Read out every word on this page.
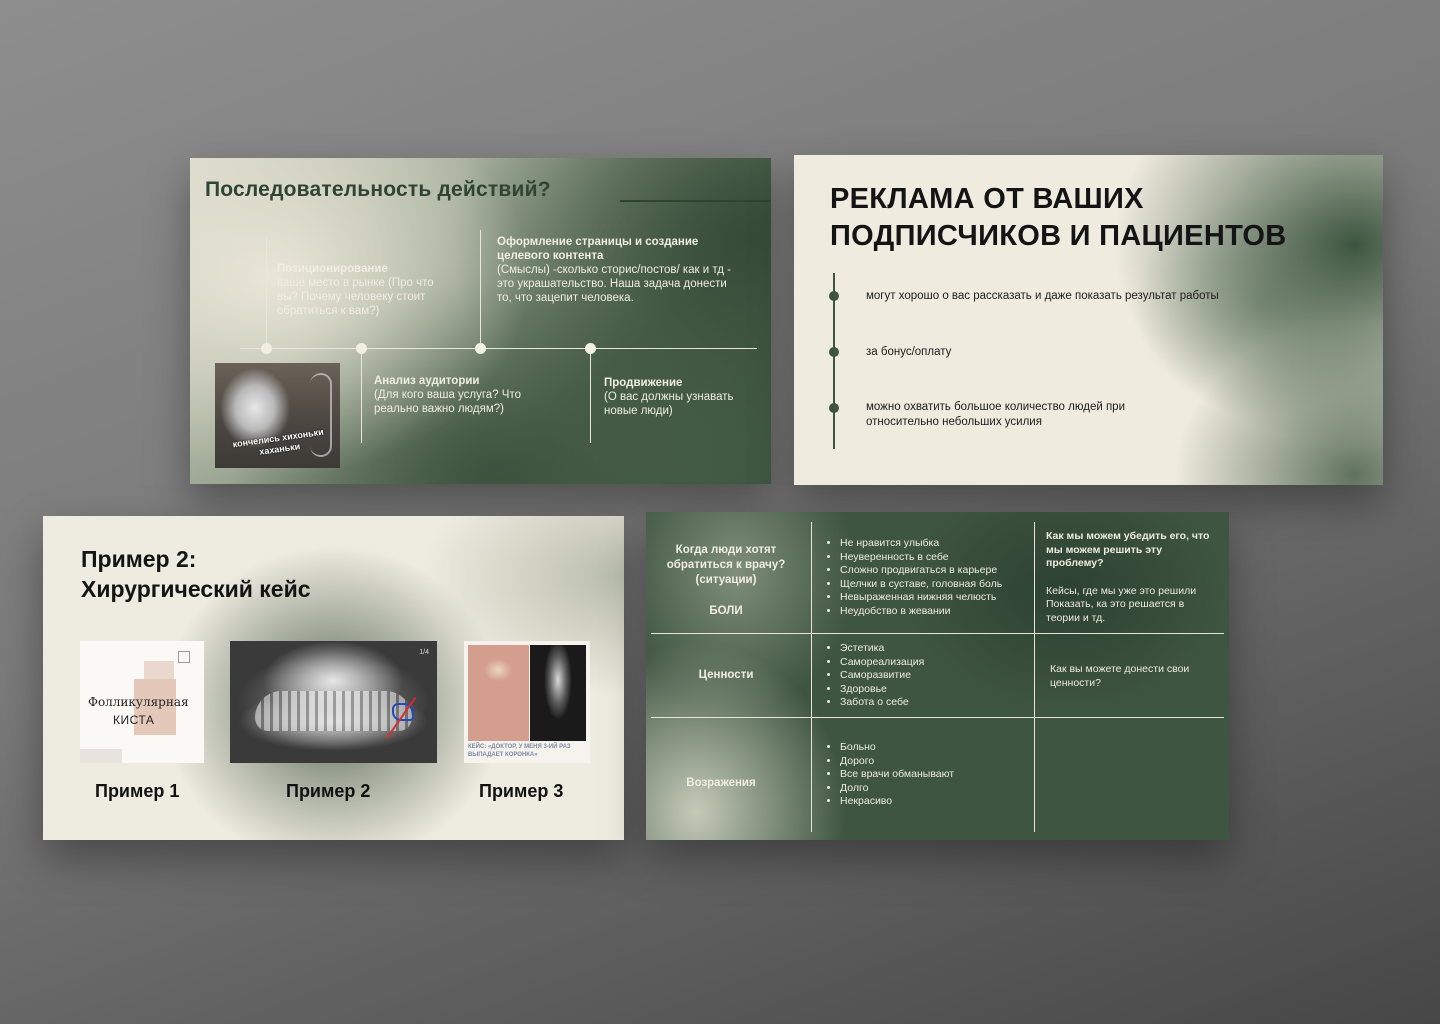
Последовательность действий?
Позиционирование
ваше место в рынке (Про что вы? Почему человеку стоит обратиться к вам?)
Анализ аудитории
(Для кого ваша услуга? Что реально важно людям?)
Оформление страницы и создание целевого контента
(Смыслы) -сколько сторис/постов/ как и тд - это украшательство. Наша задача донести то, что зацепит человека.
Продвижение
(О вас должны узнавать новые люди)
кончелись хихоньки хаханьки
РЕКЛАМА ОТ ВАШИХ
ПОДПИСЧИКОВ И ПАЦИЕНТОВ
могут хорошо о вас рассказать и даже показать результат работы
за бонус/оплату
можно охватить большое количество людей при относительно небольших усилия
Пример 2:
Хирургический кейс
Фолликулярная
КИСТА
1/4
КЕЙС: «ДОКТОР, У МЕНЯ 3-ИЙ РАЗ ВЫПАДАЕТ КОРОНКА»
Пример 1	Пример 2	Пример 3
Когда люди хотят обратиться к врачу? (ситуации)
БОЛИ
• Не нравится улыбка
• Неуверенность в себе
• Сложно продвигаться в карьере
• Щелчки в суставе, головная боль
• Невыраженная нижняя челюсть
• Неудобство в жевании
Как мы можем убедить его, что мы можем решить эту проблему?
Кейсы, где мы уже это решили Показать, ка это решается в теории и тд.
Ценности
• Эстетика
• Самореализация
• Саморазвитие
• Здоровье
• Забота о себе
Как вы можете донести свои ценности?
Возражения
• Больно
• Дорого
• Все врачи обманывают
• Долго
• Некрасиво
